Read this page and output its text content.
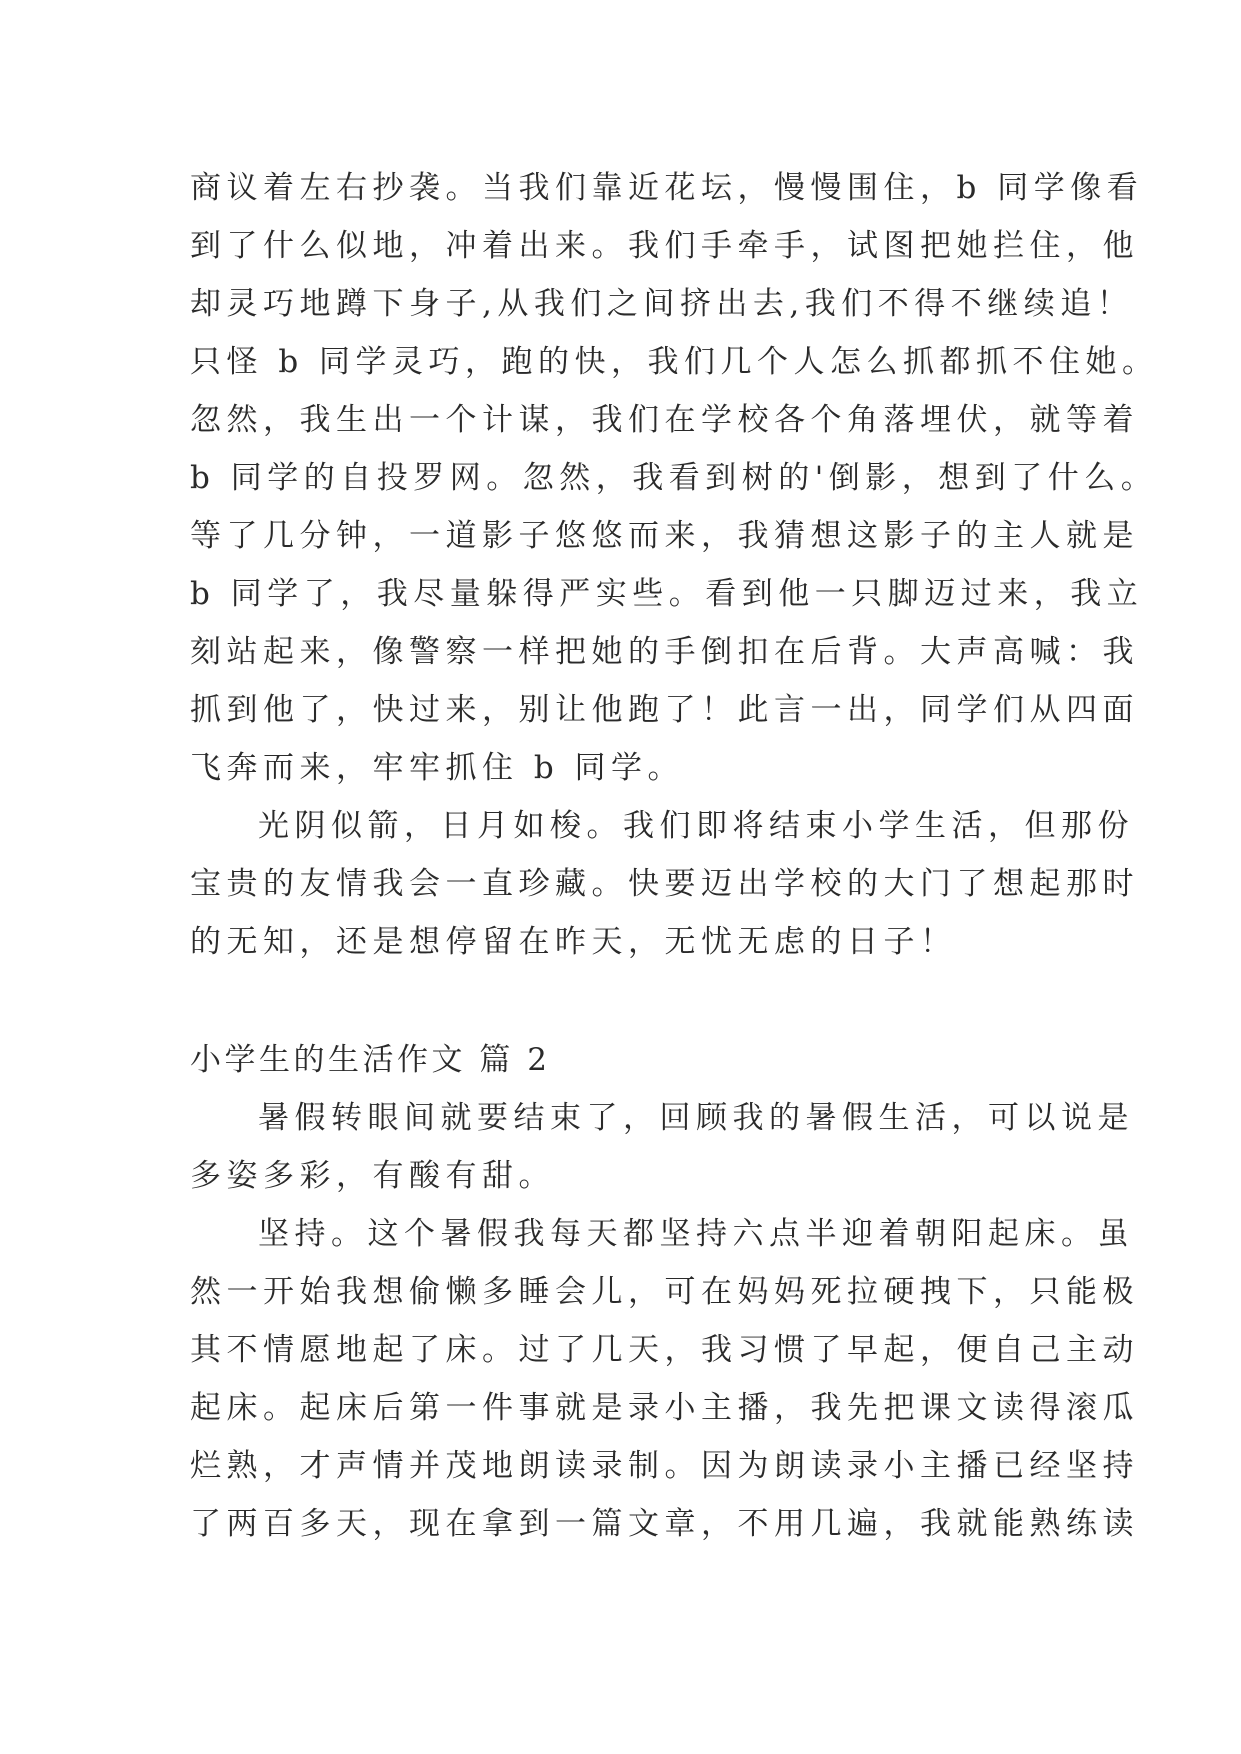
商议着左右抄袭。当我们靠近花坛，慢慢围住，b 同学像看
到了什么似地，冲着出来。我们手牵手，试图把她拦住，他
却灵巧地蹲下身子,从我们之间挤出去,我们不得不继续追！
只怪 b 同学灵巧，跑的快，我们几个人怎么抓都抓不住她。
忽然，我生出一个计谋，我们在学校各个角落埋伏，就等着
b 同学的自投罗网。忽然，我看到树的'倒影，想到了什么。
等了几分钟，一道影子悠悠而来，我猜想这影子的主人就是
b 同学了，我尽量躲得严实些。看到他一只脚迈过来，我立
刻站起来，像警察一样把她的手倒扣在后背。大声高喊：我
抓到他了，快过来，别让他跑了！此言一出，同学们从四面
飞奔而来，牢牢抓住 b 同学。
光阴似箭，日月如梭。我们即将结束小学生活，但那份
宝贵的友情我会一直珍藏。快要迈出学校的大门了想起那时
的无知，还是想停留在昨天，无忧无虑的日子！
小学生的生活作文 篇 2
暑假转眼间就要结束了，回顾我的暑假生活，可以说是
多姿多彩，有酸有甜。
坚持。这个暑假我每天都坚持六点半迎着朝阳起床。虽
然一开始我想偷懒多睡会儿，可在妈妈死拉硬拽下，只能极
其不情愿地起了床。过了几天，我习惯了早起，便自己主动
起床。起床后第一件事就是录小主播，我先把课文读得滚瓜
烂熟，才声情并茂地朗读录制。因为朗读录小主播已经坚持
了两百多天，现在拿到一篇文章，不用几遍，我就能熟练读
